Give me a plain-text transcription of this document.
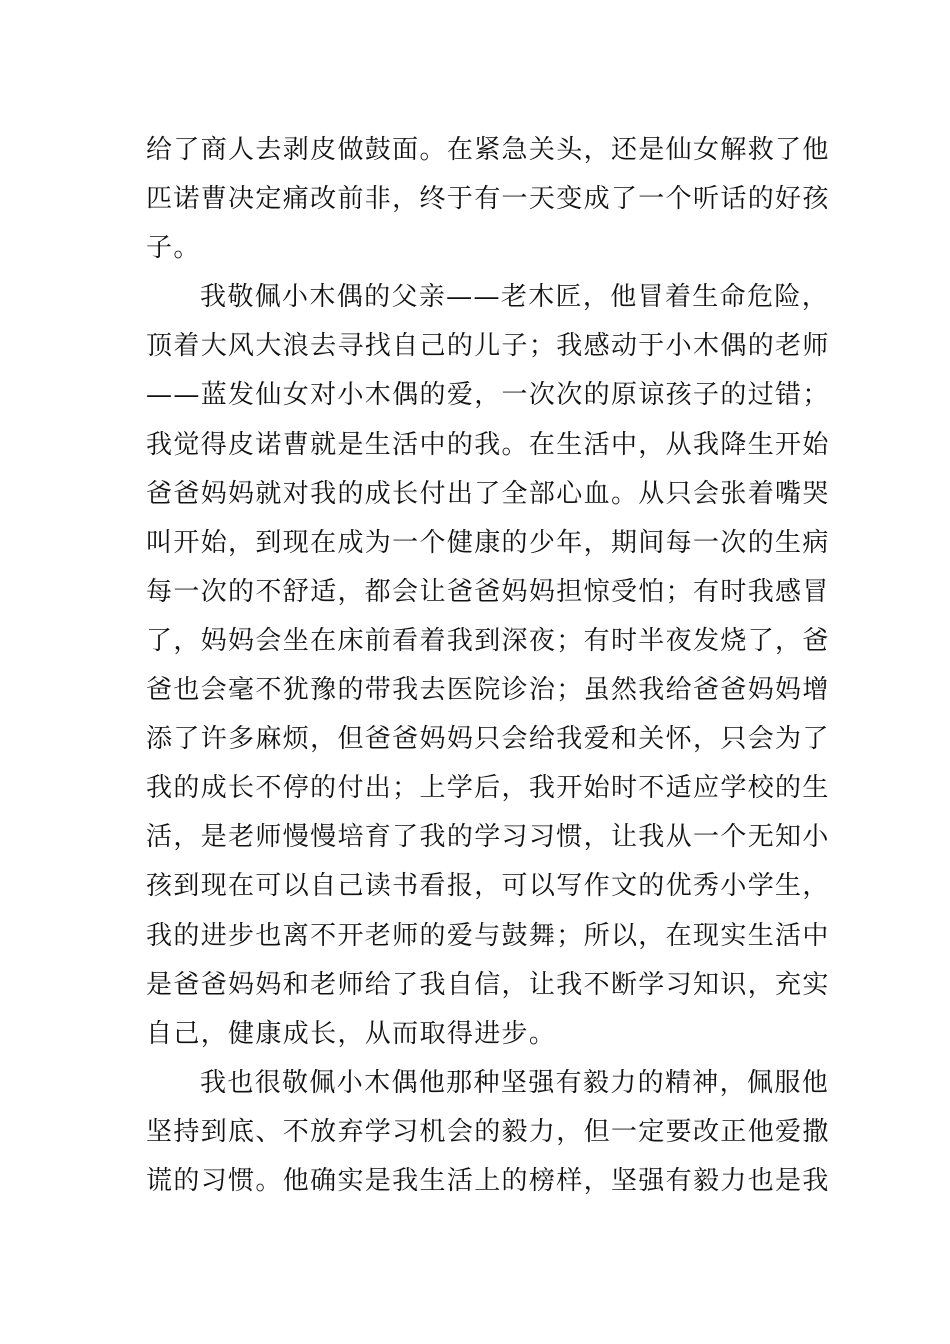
给了商人去剥皮做鼓面。在紧急关头，还是仙女解救了他
匹诺曹决定痛改前非，终于有一天变成了一个听话的好孩
子。
我敬佩小木偶的父亲——老木匠，他冒着生命危险，
顶着大风大浪去寻找自己的儿子；我感动于小木偶的老师
——蓝发仙女对小木偶的爱，一次次的原谅孩子的过错；
我觉得皮诺曹就是生活中的我。在生活中，从我降生开始
爸爸妈妈就对我的成长付出了全部心血。从只会张着嘴哭
叫开始，到现在成为一个健康的少年，期间每一次的生病
每一次的不舒适，都会让爸爸妈妈担惊受怕；有时我感冒
了，妈妈会坐在床前看着我到深夜；有时半夜发烧了，爸
爸也会毫不犹豫的带我去医院诊治；虽然我给爸爸妈妈增
添了许多麻烦，但爸爸妈妈只会给我爱和关怀，只会为了
我的成长不停的付出；上学后，我开始时不适应学校的生
活，是老师慢慢培育了我的学习习惯，让我从一个无知小
孩到现在可以自己读书看报，可以写作文的优秀小学生，
我的进步也离不开老师的爱与鼓舞；所以，在现实生活中
是爸爸妈妈和老师给了我自信，让我不断学习知识，充实
自己，健康成长，从而取得进步。
我也很敬佩小木偶他那种坚强有毅力的精神，佩服他
坚持到底、不放弃学习机会的毅力，但一定要改正他爱撒
谎的习惯。他确实是我生活上的榜样，坚强有毅力也是我
